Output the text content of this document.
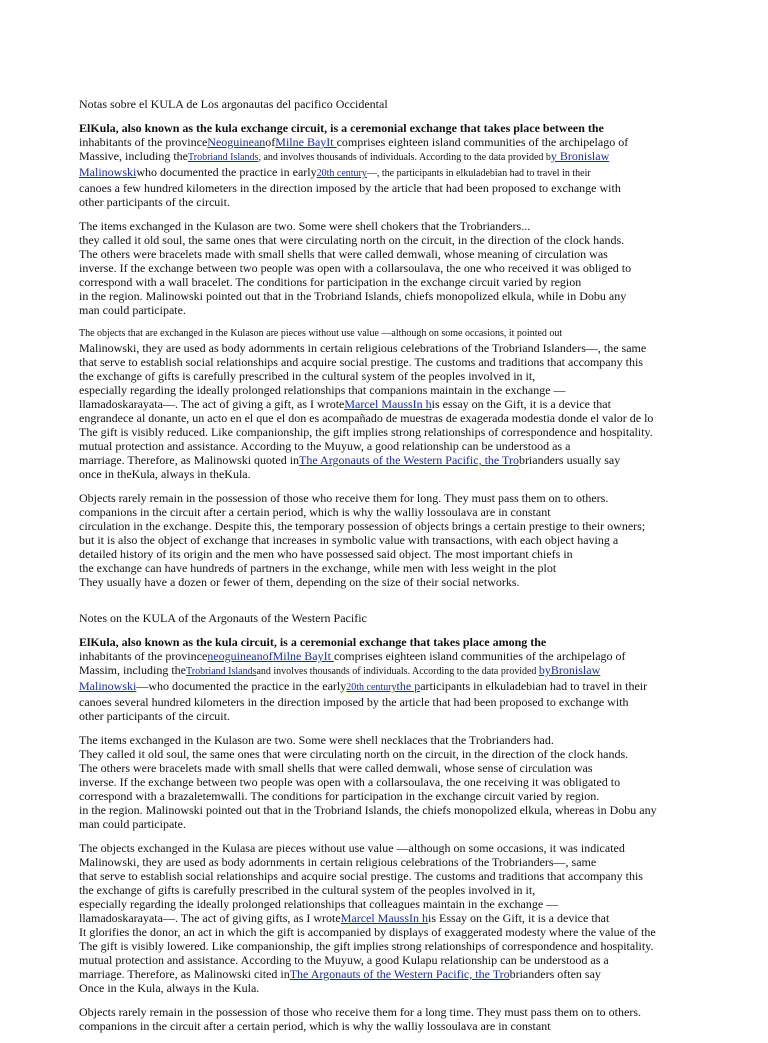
Notas sobre el KULA de Los argonautas del pacifico Occidental
ElKula, also known as the kula exchange circuit, is a ceremonial exchange that takes place between the
inhabitants of the provinceNeoguineanofMilne BayIt comprises eighteen island communities of the archipelago of
Massive, including theTrobriand Islands, and involves thousands of individuals. According to the data provided by Bronislaw
Malinowskiwho documented the practice in early20th century—, the participants in elkuladebian had to travel in their
canoes a few hundred kilometers in the direction imposed by the article that had been proposed to exchange with
other participants of the circuit.
The items exchanged in the Kulason are two. Some were shell chokers that the Trobrianders...
they called it old soul, the same ones that were circulating north on the circuit, in the direction of the clock hands.
The others were bracelets made with small shells that were called demwali, whose meaning of circulation was
inverse. If the exchange between two people was open with a collarsoulava, the one who received it was obliged to
correspond with a wall bracelet. The conditions for participation in the exchange circuit varied by region
in the region. Malinowski pointed out that in the Trobriand Islands, chiefs monopolized elkula, while in Dobu any
man could participate.
The objects that are exchanged in the Kulason are pieces without use value —although on some occasions, it pointed out
Malinowski, they are used as body adornments in certain religious celebrations of the Trobriand Islanders—, the same
that serve to establish social relationships and acquire social prestige. The customs and traditions that accompany this
the exchange of gifts is carefully prescribed in the cultural system of the peoples involved in it,
especially regarding the ideally prolonged relationships that companions maintain in the exchange —
llamadoskarayata—. The act of giving a gift, as I wroteMarcel MaussIn his essay on the Gift, it is a device that
engrandece al donante, un acto en el que el don es acompañado de muestras de exagerada modestia donde el valor de lo
The gift is visibly reduced. Like companionship, the gift implies strong relationships of correspondence and hospitality.
mutual protection and assistance. According to the Muyuw, a good relationship can be understood as a
marriage. Therefore, as Malinowski quoted inThe Argonauts of the Western Pacific, the Trobrianders usually say
once in theKula, always in theKula.
Objects rarely remain in the possession of those who receive them for long. They must pass them on to others.
companions in the circuit after a certain period, which is why the walliy lossoulava are in constant
circulation in the exchange. Despite this, the temporary possession of objects brings a certain prestige to their owners;
but it is also the object of exchange that increases in symbolic value with transactions, with each object having a
detailed history of its origin and the men who have possessed said object. The most important chiefs in
the exchange can have hundreds of partners in the exchange, while men with less weight in the plot
They usually have a dozen or fewer of them, depending on the size of their social networks.
Notes on the KULA of the Argonauts of the Western Pacific
ElKula, also known as the kula circuit, is a ceremonial exchange that takes place among the
inhabitants of the provinceneoguineanofMilne BayIt comprises eighteen island communities of the archipelago of
Massim, including theTrobriand Islandsand involves thousands of individuals. According to the data provided byBronislaw
Malinowski—who documented the practice in the early20th centurythe participants in elkuladebian had to travel in their
canoes several hundred kilometers in the direction imposed by the article that had been proposed to exchange with
other participants of the circuit.
The items exchanged in the Kulason are two. Some were shell necklaces that the Trobrianders had.
They called it old soul, the same ones that were circulating north on the circuit, in the direction of the clock hands.
The others were bracelets made with small shells that were called demwali, whose sense of circulation was
inverse. If the exchange between two people was open with a collarsoulava, the one receiving it was obligated to
correspond with a brazaletemwalli. The conditions for participation in the exchange circuit varied by region.
in the region. Malinowski pointed out that in the Trobriand Islands, the chiefs monopolized elkula, whereas in Dobu any
man could participate.
The objects exchanged in the Kulasa are pieces without use value —although on some occasions, it was indicated
Malinowski, they are used as body adornments in certain religious celebrations of the Trobrianders—, same
that serve to establish social relationships and acquire social prestige. The customs and traditions that accompany this
the exchange of gifts is carefully prescribed in the cultural system of the peoples involved in it,
especially regarding the ideally prolonged relationships that colleagues maintain in the exchange —
llamadoskarayata—. The act of giving gifts, as I wroteMarcel MaussIn his Essay on the Gift, it is a device that
It glorifies the donor, an act in which the gift is accompanied by displays of exaggerated modesty where the value of the
The gift is visibly lowered. Like companionship, the gift implies strong relationships of correspondence and hospitality.
mutual protection and assistance. According to the Muyuw, a good Kulapu relationship can be understood as a
marriage. Therefore, as Malinowski cited inThe Argonauts of the Western Pacific, the Trobrianders often say
Once in the Kula, always in the Kula.
Objects rarely remain in the possession of those who receive them for a long time. They must pass them on to others.
companions in the circuit after a certain period, which is why the walliy lossoulava are in constant
